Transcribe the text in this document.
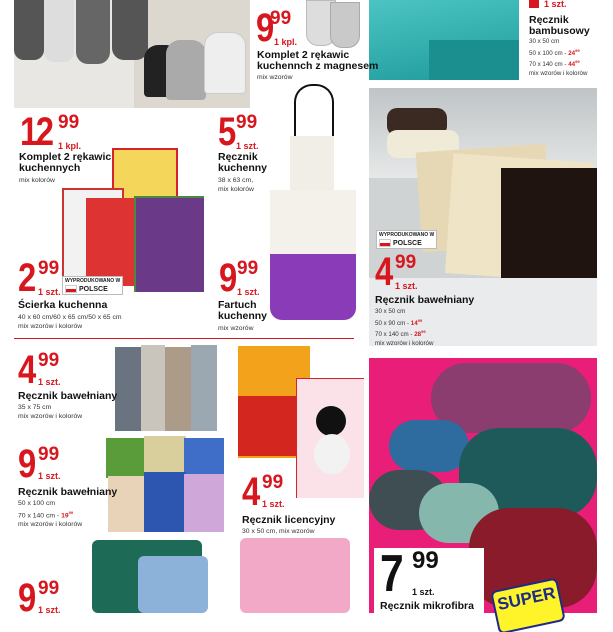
9
99
1 kpl.
Komplet 2 rękawic
kuchennch z magnesem
mix wzorów
1 szt.
Ręcznik
bambusowy
30 x 50 cm
50 x 100 cm - $24^{99}$
70 x 140 cm - $44^{99}$
mix wzorów i kolorów
12 99
1 kpl.
Komplet 2 rękawic
kuchennych
mix kolorów
5 99
1 szt.
Ręcznik
kuchenny
38 x 63 cm,
mix kolorów
2 99
1 szt.
WYPRODUKOWANO W
POLSCE
Ścierka kuchenna
40 x 60 cm/60 x 65 cm/50 x 65 cm
mix wzorów i kolorów
9 99
1 szt.
Fartuch
kuchenny
mix wzorów
WYPRODUKOWANO W
POLSCE
4 99
1 szt.
Ręcznik bawełniany
30 x 50 cm
50 x 90 cm - $14^{99}$
70 x 140 cm - $28^{99}$
mix wzorów i kolorów
4 99
1 szt.
Ręcznik bawełniany
35 x 75 cm
mix wzorów i kolorów
9 99
1 szt.
Ręcznik bawełniany
50 x 100 cm
70 x 140 cm - $19^{99}$
mix wzorów i kolorów
4 99
1 szt.
Ręcznik licencyjny
30 x 50 cm, mix wzorów
9 99
1 szt.
7 99
1 szt.
Ręcznik mikrofibra SUPER
